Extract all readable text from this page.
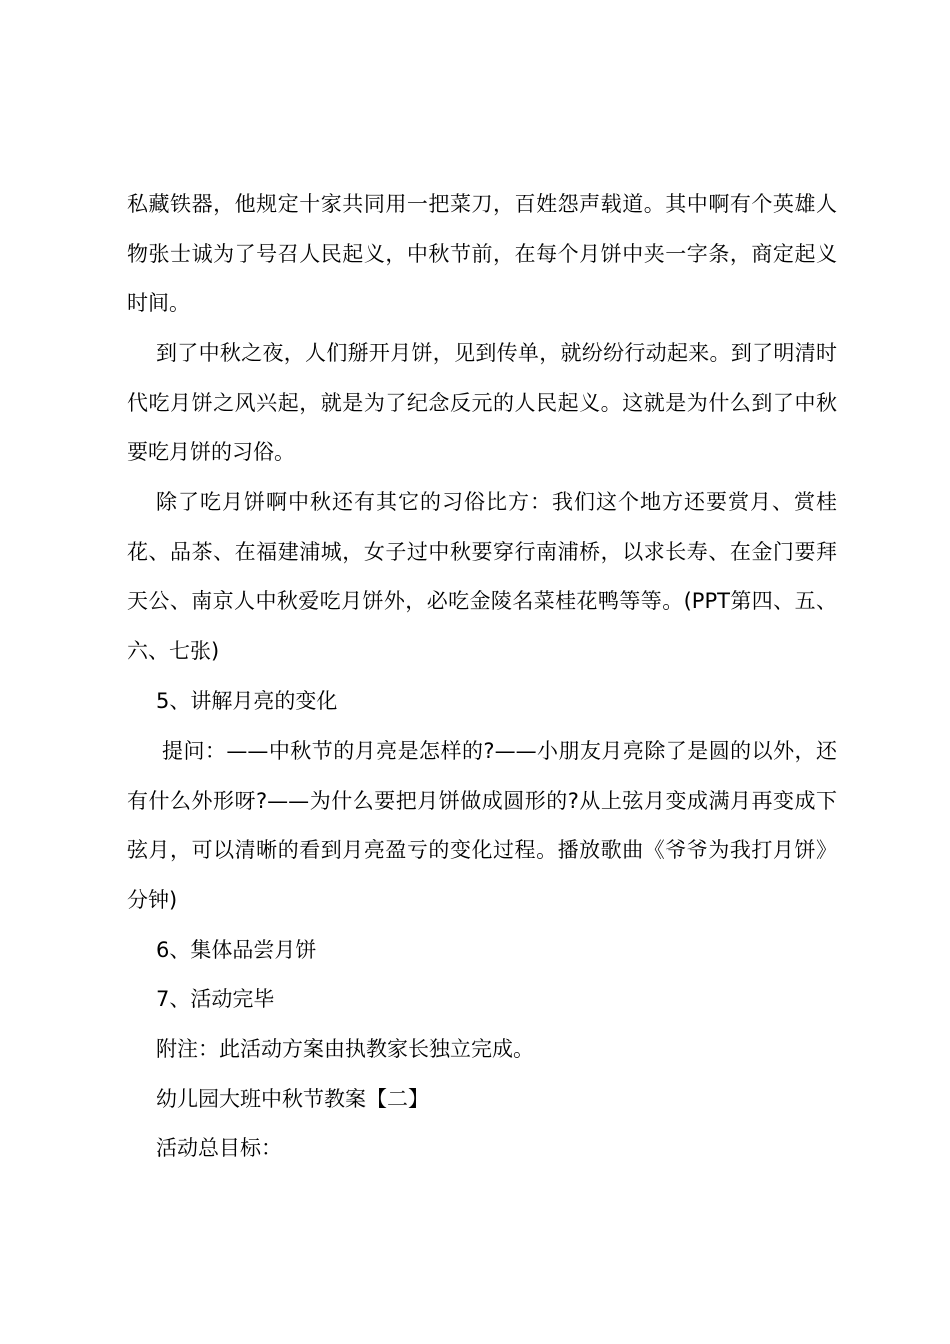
私藏铁器，他规定十家共同用一把菜刀，百姓怨声载道。其中啊有个英雄人物张士诚为了号召人民起义，中秋节前，在每个月饼中夹一字条，商定起义时间。

到了中秋之夜，人们掰开月饼，见到传单，就纷纷行动起来。到了明清时代吃月饼之风兴起，就是为了纪念反元的人民起义。这就是为什么到了中秋要吃月饼的习俗。

除了吃月饼啊中秋还有其它的习俗比方：我们这个地方还要赏月、赏桂花、品茶、在福建浦城，女子过中秋要穿行南浦桥，以求长寿、在金门要拜天公、南京人中秋爱吃月饼外，必吃金陵名菜桂花鸭等等。(PPT第四、五、六、七张)

5、讲解月亮的变化

提问：——中秋节的月亮是怎样的?——小朋友月亮除了是圆的以外，还有什么外形呀?——为什么要把月饼做成圆形的?从上弦月变成满月再变成下弦月，可以清晰的看到月亮盈亏的变化过程。播放歌曲《爷爷为我打月饼》分钟)

6、集体品尝月饼

7、活动完毕

附注：此活动方案由执教家长独立完成。

幼儿园大班中秋节教案【二】

活动总目标：
